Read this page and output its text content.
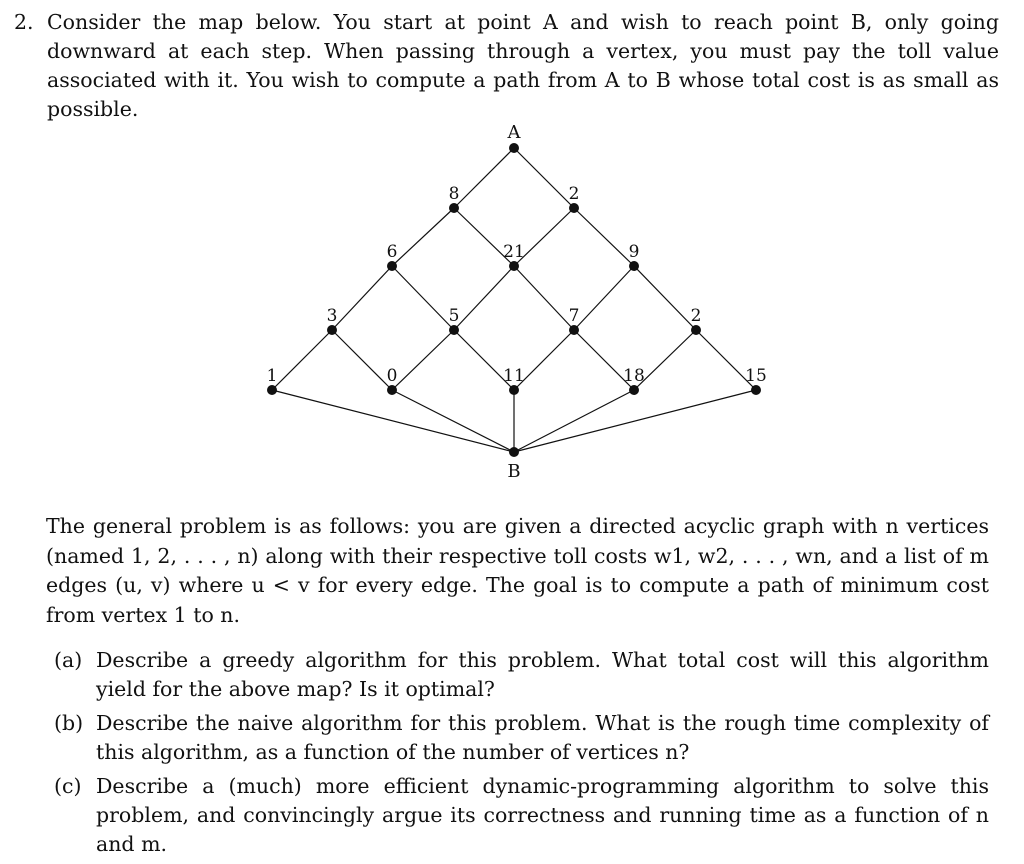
2. Consider the map below. You start at point A and wish to reach point B, only going downward at each step. When passing through a vertex, you must pay the toll value associated with it. You wish to compute a path from A to B whose total cost is as small as possible.
A
B
8	2
6	21	9
3	5	7	2
1	0	11	18	15
The general problem is as follows: you are given a directed acyclic graph with n vertices (named 1, 2, . . . , n) along with their respective toll costs w1, w2, . . . , wn, and a list of m edges (u, v) where u < v for every edge. The goal is to compute a path of minimum cost from vertex 1 to n.
(a) Describe a greedy algorithm for this problem. What total cost will this algorithm yield for the above map? Is it optimal?
(b) Describe the naive algorithm for this problem. What is the rough time complexity of this algorithm, as a function of the number of vertices n?
(c) Describe a (much) more efficient dynamic-programming algorithm to solve this problem, and convincingly argue its correctness and running time as a function of n and m.
